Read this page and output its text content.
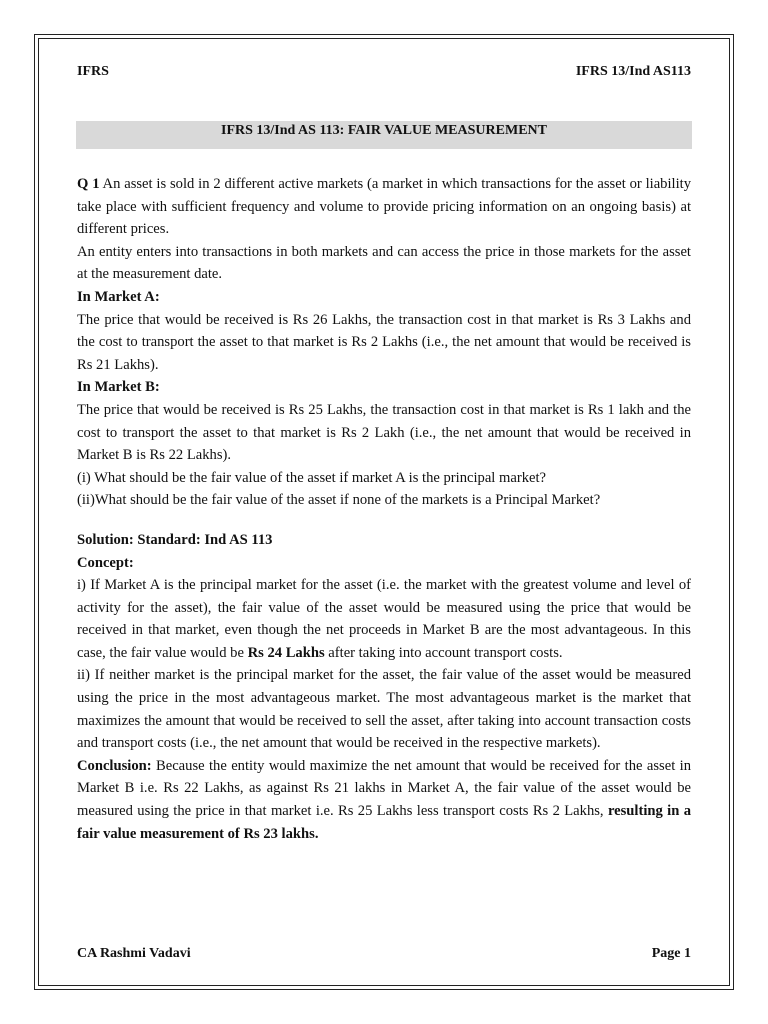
IFRS	IFRS 13/Ind AS113
IFRS 13/Ind AS 113: FAIR VALUE MEASUREMENT

Q 1 An asset is sold in 2 different active markets (a market in which transactions for the asset or liability take place with sufficient frequency and volume to provide pricing information on an ongoing basis) at different prices.

An entity enters into transactions in both markets and can access the price in those markets for the asset at the measurement date.

In Market A:

The price that would be received is Rs 26 Lakhs, the transaction cost in that market is Rs 3 Lakhs and the cost to transport the asset to that market is Rs 2 Lakhs (i.e., the net amount that would be received is Rs 21 Lakhs).

In Market B:

The price that would be received is Rs 25 Lakhs, the transaction cost in that market is Rs 1 lakh and the cost to transport the asset to that market is Rs 2 Lakh (i.e., the net amount that would be received in Market B is Rs 22 Lakhs).

(i) What should be the fair value of the asset if market A is the principal market?

(ii)What should be the fair value of the asset if none of the markets is a Principal Market?

Solution: Standard: Ind AS 113

Concept:

i) If Market A is the principal market for the asset (i.e. the market with the greatest volume and level of activity for the asset), the fair value of the asset would be measured using the price that would be received in that market, even though the net proceeds in Market B are the most advantageous. In this case, the fair value would be Rs 24 Lakhs after taking into account transport costs.

ii) If neither market is the principal market for the asset, the fair value of the asset would be measured using the price in the most advantageous market. The most advantageous market is the market that maximizes the amount that would be received to sell the asset, after taking into account transaction costs and transport costs (i.e., the net amount that would be received in the respective markets).

Conclusion: Because the entity would maximize the net amount that would be received for the asset in Market B i.e. Rs 22 Lakhs, as against Rs 21 lakhs in Market A, the fair value of the asset would be measured using the price in that market i.e. Rs 25 Lakhs less transport costs Rs 2 Lakhs, resulting in a fair value measurement of Rs 23 lakhs.

CA Rashmi Vadavi	Page 1
